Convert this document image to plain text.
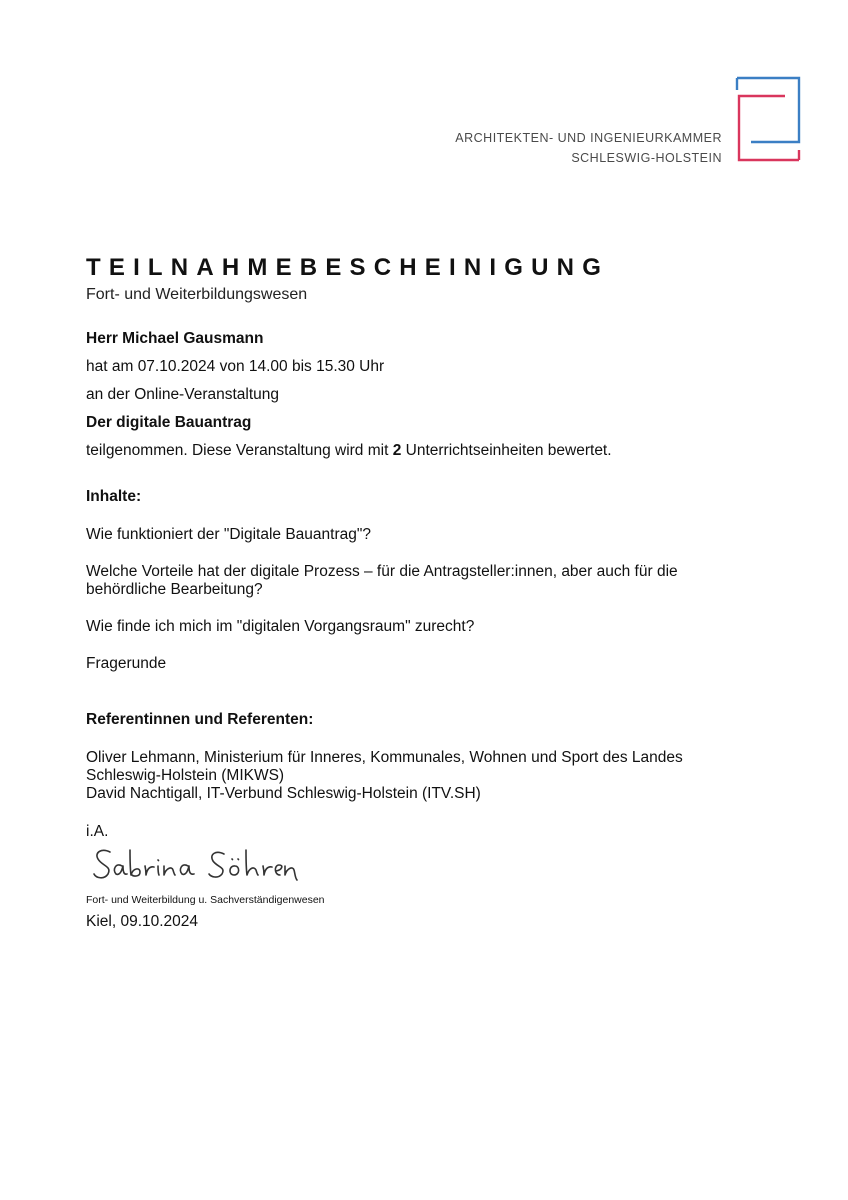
ARCHITEKTEN- UND INGENIEURKAMMER
SCHLESWIG-HOLSTEIN
TEILNAHMEBESCHEINIGUNG
Fort- und Weiterbildungswesen

Herr Michael Gausmann

hat am 07.10.2024 von 14.00 bis 15.30 Uhr

an der Online-Veranstaltung

Der digitale Bauantrag

teilgenommen. Diese Veranstaltung wird mit 2 Unterrichtseinheiten bewertet.

Inhalte:

Wie funktioniert der "Digitale Bauantrag"?

Welche Vorteile hat der digitale Prozess – für die Antragsteller:innen, aber auch für die behördliche Bearbeitung?

Wie finde ich mich im "digitalen Vorgangsraum" zurecht?

Fragerunde

Referentinnen und Referenten:

Oliver Lehmann, Ministerium für Inneres, Kommunales, Wohnen und Sport des Landes Schleswig-Holstein (MIKWS)

David Nachtigall, IT-Verbund Schleswig-Holstein (ITV.SH)

i.A.

Fort- und Weiterbildung u. Sachverständigenwesen

Kiel, 09.10.2024
